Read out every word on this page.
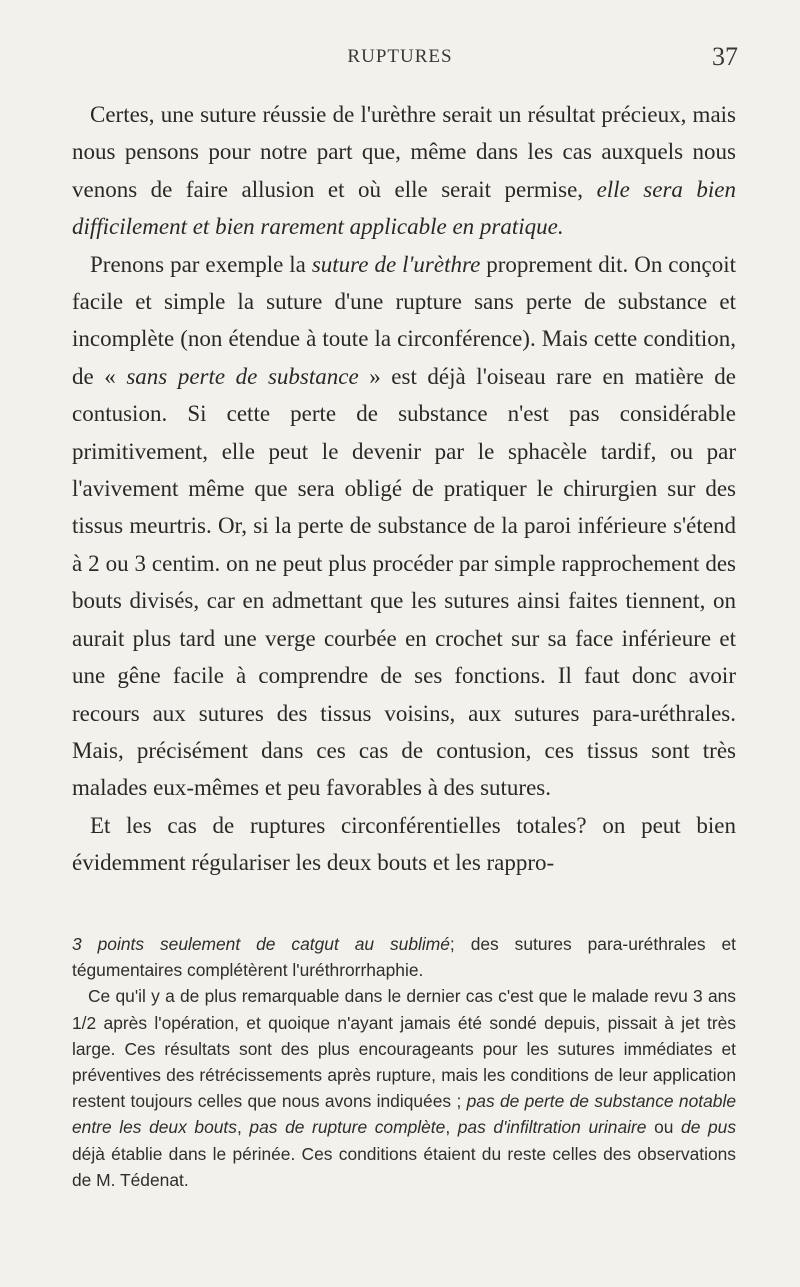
RUPTURES	37

Certes, une suture réussie de l'urèthre serait un résultat précieux, mais nous pensons pour notre part que, même dans les cas auxquels nous venons de faire allusion et où elle serait permise, elle sera bien difficilement et bien rarement applicable en pratique.

Prenons par exemple la suture de l'urèthre proprement dit. On conçoit facile et simple la suture d'une rupture sans perte de substance et incomplète (non étendue à toute la circonférence). Mais cette condition, de « sans perte de substance » est déjà l'oiseau rare en matière de contusion. Si cette perte de substance n'est pas considérable primitivement, elle peut le devenir par le sphacèle tardif, ou par l'avivement même que sera obligé de pratiquer le chirurgien sur des tissus meurtris. Or, si la perte de substance de la paroi inférieure s'étend à 2 ou 3 centim. on ne peut plus procéder par simple rapprochement des bouts divisés, car en admettant que les sutures ainsi faites tiennent, on aurait plus tard une verge courbée en crochet sur sa face inférieure et une gêne facile à comprendre de ses fonctions. Il faut donc avoir recours aux sutures des tissus voisins, aux sutures para-uréthrales. Mais, précisément dans ces cas de contusion, ces tissus sont très malades eux-mêmes et peu favorables à des sutures.

Et les cas de ruptures circonférentielles totales? on peut bien évidemment régulariser les deux bouts et les rappro-

3 points seulement de catgut au sublimé; des sutures para-uréthrales et tégumentaires complétèrent l'uréthrorrhaphie.

Ce qu'il y a de plus remarquable dans le dernier cas c'est que le malade revu 3 ans 1/2 après l'opération, et quoique n'ayant jamais été sondé depuis, pissait à jet très large. Ces résultats sont des plus encourageants pour les sutures immédiates et préventives des rétrécissements après rupture, mais les conditions de leur application restent toujours celles que nous avons indiquées ; pas de perte de substance notable entre les deux bouts, pas de rupture complète, pas d'infiltration urinaire ou de pus déjà établie dans le périnée. Ces conditions étaient du reste celles des observations de M. Tédenat.
